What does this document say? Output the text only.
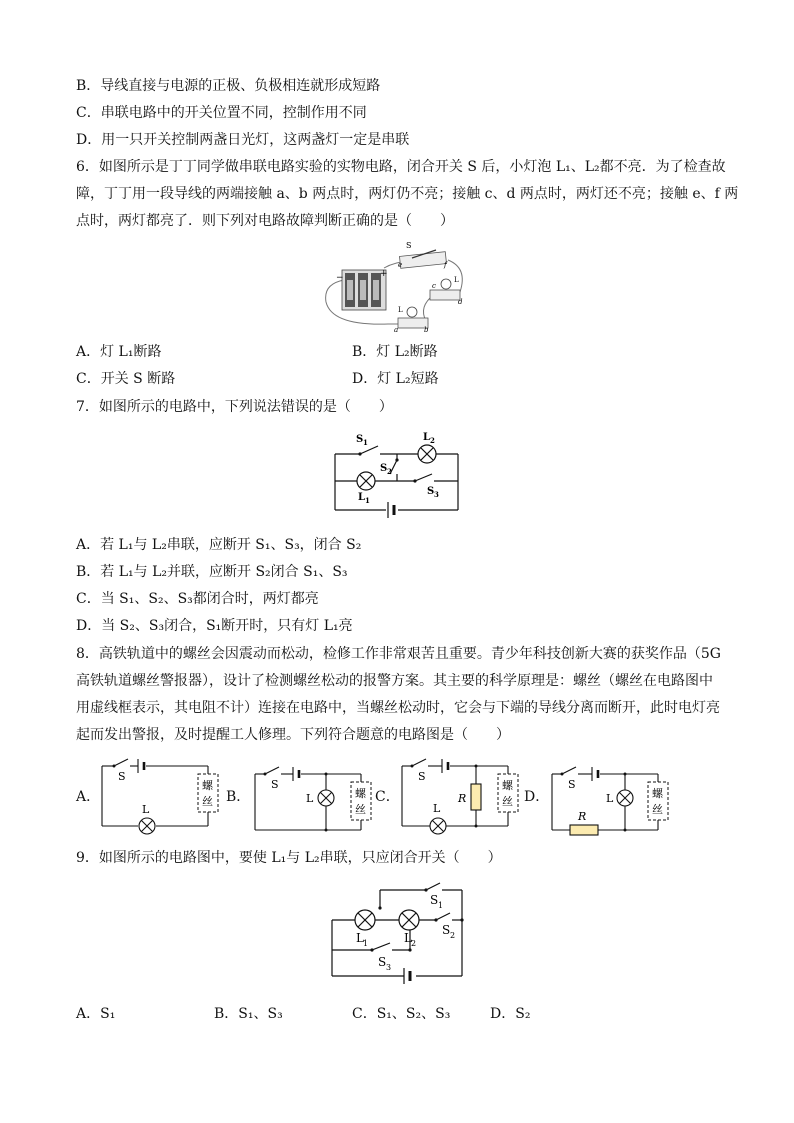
B．导线直接与电源的正极、负极相连就形成短路
C．串联电路中的开关位置不同，控制作用不同
D．用一只开关控制两盏日光灯，这两盏灯一定是串联
6．如图所示是丁丁同学做串联电路实验的实物电路，闭合开关 S 后，小灯泡 L₁、L₂都不亮．为了检查故
障，丁丁用一段导线的两端接触 a、b 两点时，两灯仍不亮；接触 c、d 两点时，两灯还不亮；接触 e、f 两
点时，两灯都亮了．则下列对电路故障判断正确的是（　　）
+
−
S
e	f
L
c
d
L
a	b
A．灯 L₁断路	B．灯 L₂断路
C．开关 S 断路	D．灯 L₂短路
7．如图所示的电路中，下列说法错误的是（　　）
S 1	L 2
S 2
L 1
S 3
A．若 L₁与 L₂串联，应断开 S₁、S₃，闭合 S₂
B．若 L₁与 L₂并联，应断开 S₂闭合 S₁、S₃
C．当 S₁、S₂、S₃都闭合时，两灯都亮
D．当 S₂、S₃闭合，S₁断开时，只有灯 L₁亮
8．高铁轨道中的螺丝会因震动而松动，检修工作非常艰苦且重要。青少年科技创新大赛的获奖作品（5G
高铁轨道螺丝警报器），设计了检测螺丝松动的报警方案。其主要的科学原理是：螺丝（螺丝在电路图中
用虚线框表示，其电阻不计）连接在电路中，当螺丝松动时，它会与下端的导线分离而断开，此时电灯亮
起而发出警报，及时提醒工人修理。下列符合题意的电路图是（　　）
A．	B．	C．	D．
螺
丝
S
L
螺
丝
S
L
螺
丝
S
L
R	螺
丝
S
L
R
9．如图所示的电路图中，要使 L₁与 L₂串联，只应闭合开关（　　）
S 1
S 2
L 1	L 2
S 3
A．S₁	B．S₁、S₃	C．S₁、S₂、S₃	D．S₂
